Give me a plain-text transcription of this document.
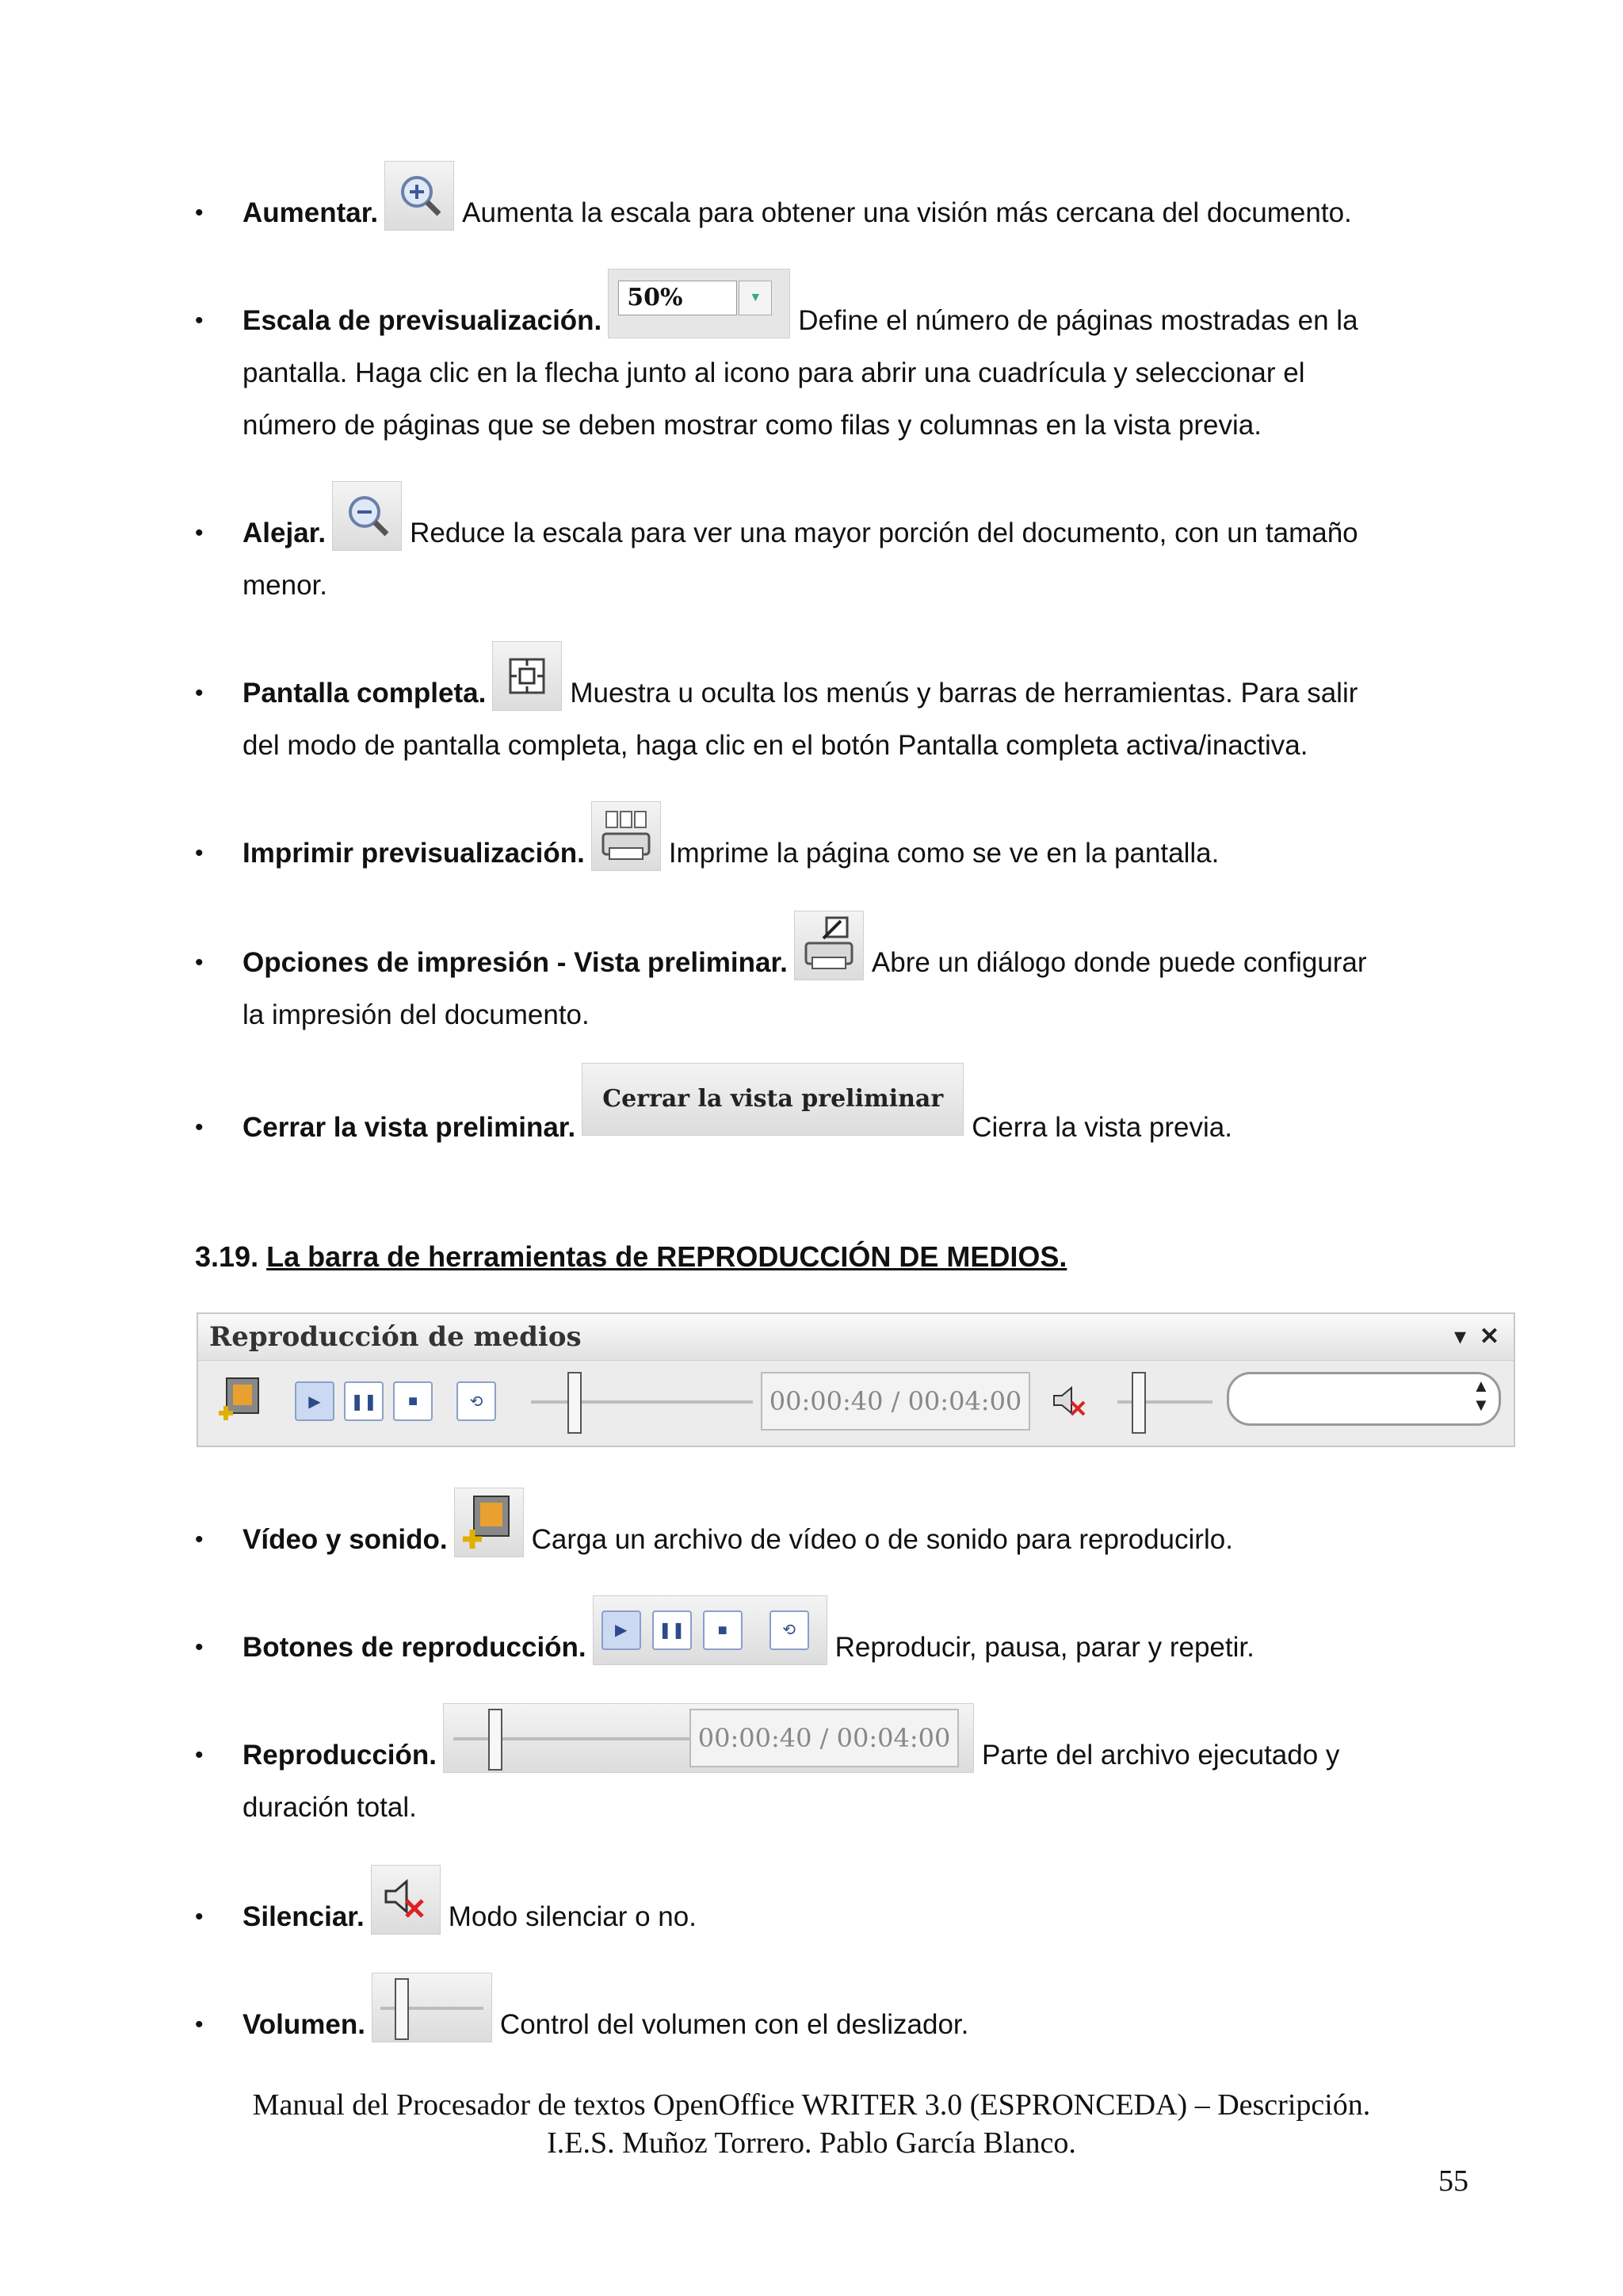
• Aumentar.	Aumenta la escala para obtener una visión más cercana del documento.
• Escala de previsualización.
50%	▼
Define el número de páginas mostradas en la
pantalla. Haga clic en la flecha junto al icono para abrir una cuadrícula y seleccionar el
número de páginas que se deben mostrar como filas y columnas en la vista previa.
• Alejar.	Reduce la escala para ver una mayor porción del documento, con un tamaño
menor.
• Pantalla completa.	Muestra u oculta los menús y barras de herramientas. Para salir
del modo de pantalla completa, haga clic en el botón Pantalla completa activa/inactiva.
• Imprimir previsualización.	Imprime la página como se ve en la pantalla.
• Opciones de impresión - Vista preliminar.	Abre un diálogo donde puede configurar
la impresión del documento.
• Cerrar la vista preliminar.
Cerrar la vista preliminar
Cierra la vista previa.
3.19. La barra de herramientas de REPRODUCCIÓN DE MEDIOS.
Reproducción de medios	▾ ✕
▶	❚❚	■	⟲	00:00:40 / 00:04:00
▲
▼
• Vídeo y sonido.	Carga un archivo de vídeo o de sonido para reproducirlo.
• Botones de reproducción.
▶	❚❚	■	⟲
Reproducir, pausa, parar y repetir.
• Reproducción.
00:00:40 / 00:04:00
Parte del archivo ejecutado y
duración total.
• Silenciar.	Modo silenciar o no.
• Volumen.	Control del volumen con el deslizador.
Manual del Procesador de textos OpenOffice WRITER 3.0 (ESPRONCEDA) – Descripción.
I.E.S. Muñoz Torrero. Pablo García Blanco.
55
